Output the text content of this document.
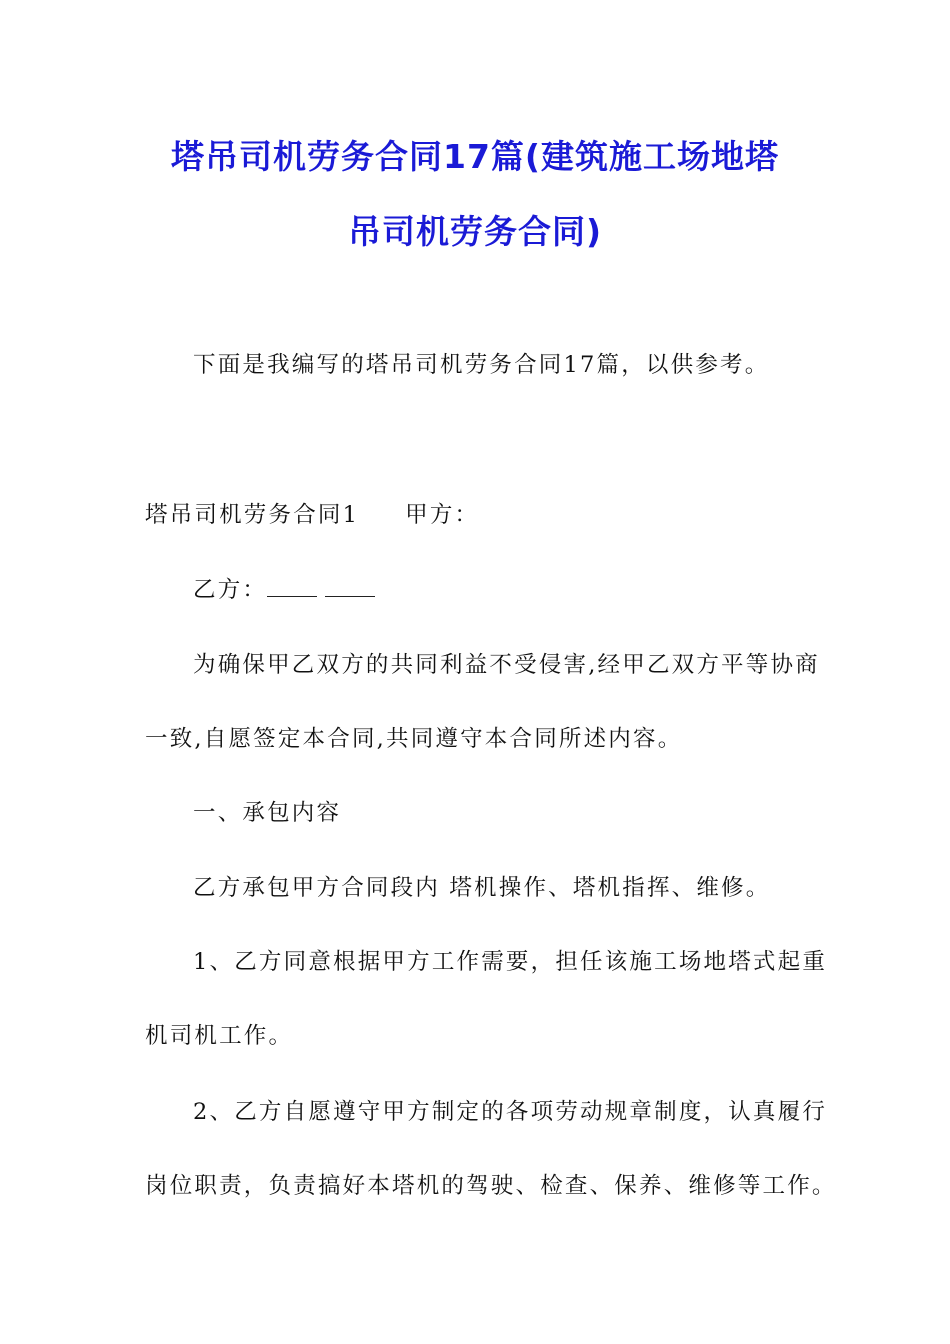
塔吊司机劳务合同17篇(建筑施工场地塔
吊司机劳务合同)
下面是我编写的塔吊司机劳务合同17篇，以供参考。
塔吊司机劳务合同1 甲方：
乙方：
为确保甲乙双方的共同利益不受侵害,经甲乙双方平等协商
一致,自愿签定本合同,共同遵守本合同所述内容。
一、承包内容
乙方承包甲方合同段内 塔机操作、塔机指挥、维修。
1、乙方同意根据甲方工作需要，担任该施工场地塔式起重
机司机工作。
2、乙方自愿遵守甲方制定的各项劳动规章制度，认真履行
岗位职责，负责搞好本塔机的驾驶、检查、保养、维修等工作。
